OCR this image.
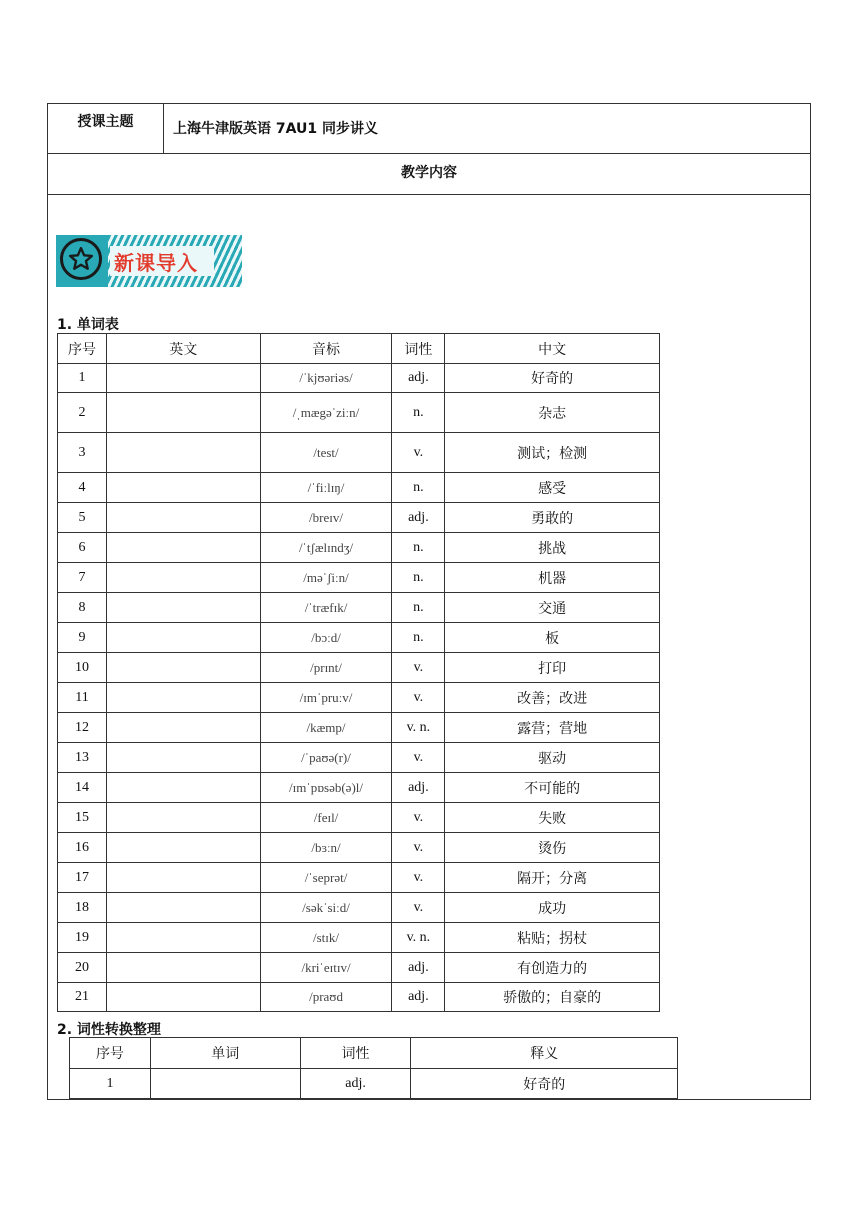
授课主题	上海牛津版英语 7AU1 同步讲义
教学内容
新课导入
1. 单词表
序号	英文	音标	词性	中文
1		/ˈkjʊəriəs/	adj.	好奇的
2		/ˌmægəˈziːn/	n.	杂志
3		/test/	v.	测试；检测
4		/ˈfiːlɪŋ/	n.	感受
5		/breɪv/	adj.	勇敢的
6		/ˈtʃælɪndʒ/	n.	挑战
7		/məˈʃiːn/	n.	机器
8		/ˈtræfɪk/	n.	交通
9		/bɔːd/	n.	板
10		/prɪnt/	v.	打印
11		/ɪmˈpruːv/	v.	改善；改进
12		/kæmp/	v. n.	露营；营地
13		/ˈpaʊə(r)/	v.	驱动
14		/ɪmˈpɒsəb(ə)l/	adj.	不可能的
15		/feɪl/	v.	失败
16		/bɜːn/	v.	烫伤
17		/ˈseprət/	v.	隔开；分离
18		/səkˈsiːd/	v.	成功
19		/stɪk/	v. n.	粘贴；拐杖
20		/kriˈeɪtɪv/	adj.	有创造力的
21		/praʊd	adj.	骄傲的；自豪的
2. 词性转换整理
序号	单词	词性	释义
1		adj.	好奇的
